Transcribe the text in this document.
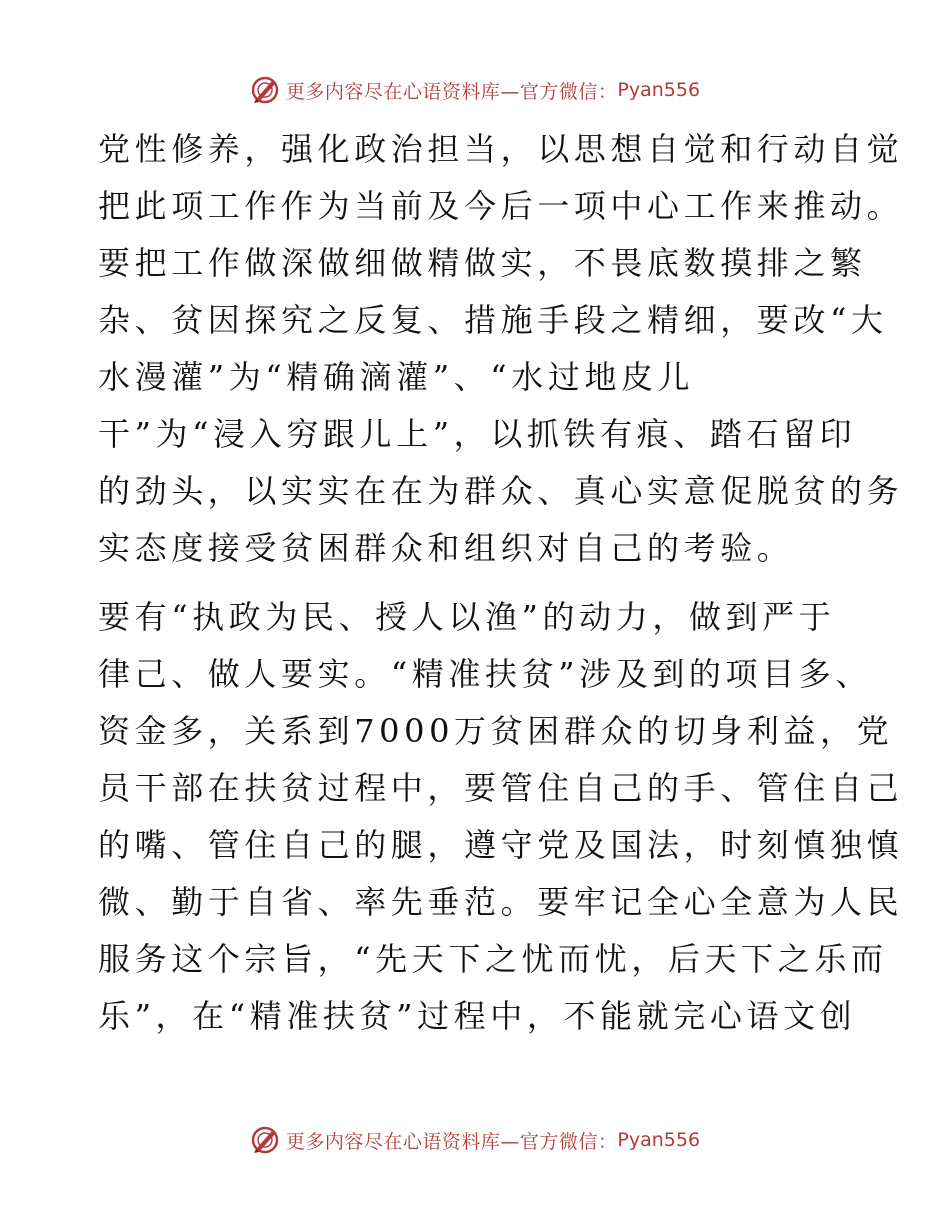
更多内容尽在心语资料库—官方微信： Pyan556
党性修养，强化政治担当，以思想自觉和行动自觉
把此项工作作为当前及今后一项中心工作来推动。
要把工作做深做细做精做实，不畏底数摸排之繁
杂、贫因探究之反复、措施手段之精细，要改“大
水漫灌”为“精确滴灌”、“水过地皮儿
干”为“浸入穷跟儿上”，以抓铁有痕、踏石留印
的劲头，以实实在在为群众、真心实意促脱贫的务
实态度接受贫困群众和组织对自己的考验。
要有“执政为民、授人以渔”的动力，做到严于
律己、做人要实。“精准扶贫”涉及到的项目多、
资金多，关系到7000万贫困群众的切身利益，党
员干部在扶贫过程中，要管住自己的手、管住自己
的嘴、管住自己的腿，遵守党及国法，时刻慎独慎
微、勤于自省、率先垂范。要牢记全心全意为人民
服务这个宗旨，“先天下之忧而忧，后天下之乐而
乐”，在“精准扶贫”过程中，不能就完心语文创
更多内容尽在心语资料库—官方微信： Pyan556
